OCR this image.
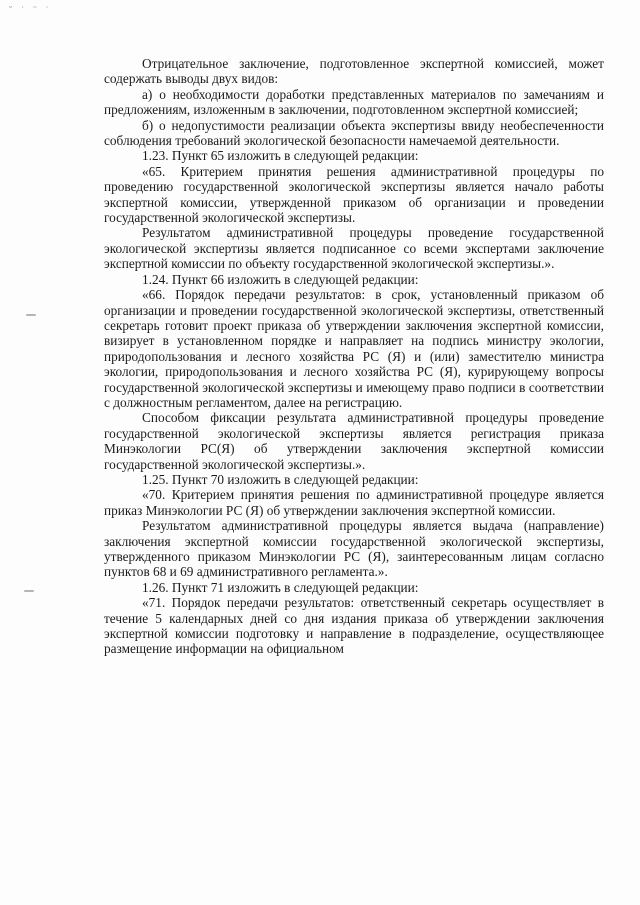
˘ ˙ ¨ ˙

Отрицательное заключение, подготовленное экспертной комиссией, может содержать выводы двух видов:

а) о необходимости доработки представленных материалов по замечаниям и предложениям, изложенным в заключении, подготовленном экспертной комиссией;

б) о недопустимости реализации объекта экспертизы ввиду необеспеченности соблюдения требований экологической безопасности намечаемой деятельности.

1.23. Пункт 65 изложить в следующей редакции:

«65. Критерием принятия решения административной процедуры по проведению государственной экологической экспертизы является начало работы экспертной комиссии, утвержденной приказом об организации и проведении государственной экологической экспертизы.

Результатом административной процедуры проведение государственной экологической экспертизы является подписанное со всеми экспертами заключение экспертной комиссии по объекту государственной экологической экспертизы.».

1.24. Пункт 66 изложить в следующей редакции:

«66. Порядок передачи результатов: в срок, установленный приказом об организации и проведении государственной экологической экспертизы, ответственный секретарь готовит проект приказа об утверждении заключения экспертной комиссии, визирует в установленном порядке и направляет на подпись министру экологии, природопользования и лесного хозяйства РС (Я) и (или) заместителю министра экологии, природопользования и лесного хозяйства РС (Я), курирующему вопросы государственной экологической экспертизы и имеющему право подписи в соответствии с должностным регламентом, далее на регистрацию.

Способом фиксации результата административной процедуры проведение государственной экологической экспертизы является регистрация приказа Минэкологии РС(Я) об утверждении заключения экспертной комиссии государственной экологической экспертизы.».

1.25. Пункт 70 изложить в следующей редакции:

«70. Критерием принятия решения по административной процедуре является приказ Минэкологии РС (Я) об утверждении заключения экспертной комиссии.

Результатом административной процедуры является выдача (направление) заключения экспертной комиссии государственной экологической экспертизы, утвержденного приказом Минэкологии РС (Я), заинтересованным лицам согласно пунктов 68 и 69 административного регламента.».

1.26. Пункт 71 изложить в следующей редакции:

«71. Порядок передачи результатов: ответственный секретарь осуществляет в течение 5 календарных дней со дня издания приказа об утверждении заключения экспертной комиссии подготовку и направление в подразделение, осуществляющее размещение информации на официальном
